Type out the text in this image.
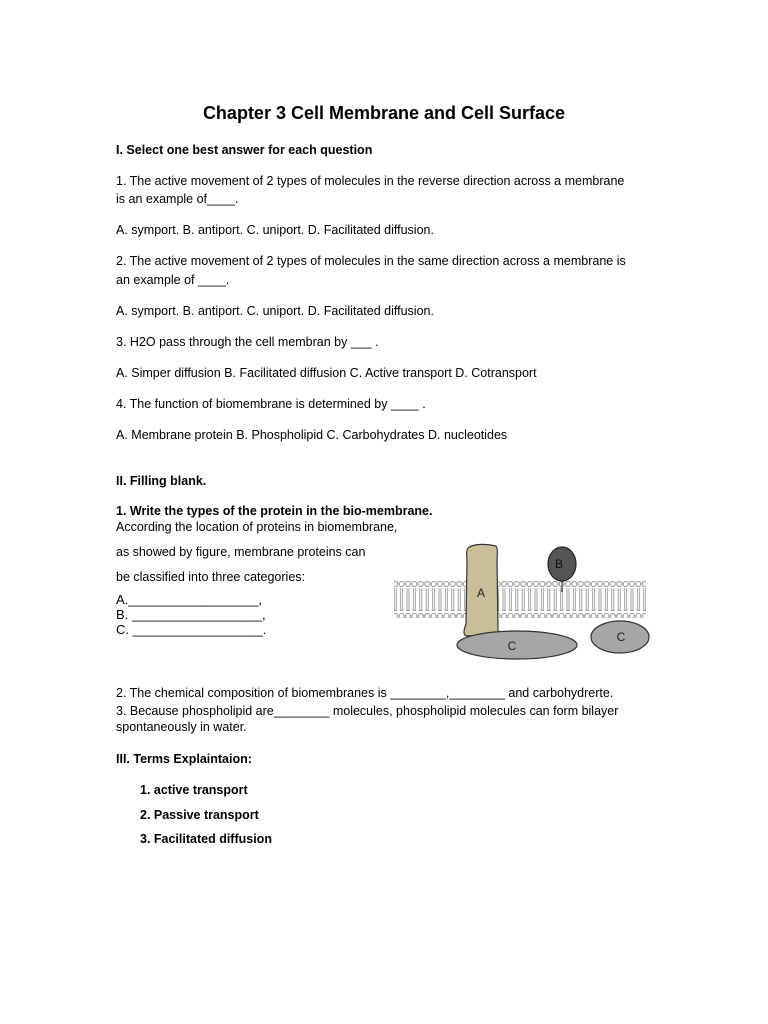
Chapter 3 Cell Membrane and Cell Surface
I. Select one best answer for each question
1. The active movement of 2 types of molecules in the reverse direction across a membrane
is an example of____.
A. symport. B. antiport. C. uniport. D. Facilitated diffusion.
2. The active movement of 2 types of molecules in the same direction across a membrane is
an example of ____.
A. symport. B. antiport. C. uniport. D. Facilitated diffusion.
3. H2O pass through the cell membran by ___ .
A. Simper diffusion B. Facilitated diffusion C. Active transport D. Cotransport
4. The function of biomembrane is determined by ____ .
A. Membrane protein B. Phospholipid C. Carbohydrates D. nucleotides
II. Filling blank.
1. Write the types of the protein in the bio-membrane.
According the location of proteins in biomembrane,
as showed by figure, membrane proteins can
be classified into three categories:
A.__________________,
B. __________________,
C. __________________.
A
C
C
B
2. The chemical composition of biomembranes is ________,________ and carbohydrerte.
3. Because phospholipid are________ molecules, phospholipid molecules can form bilayer
spontaneously in water.
III. Terms Explaintaion:
1. active transport
2. Passive transport
3. Facilitated diffusion
